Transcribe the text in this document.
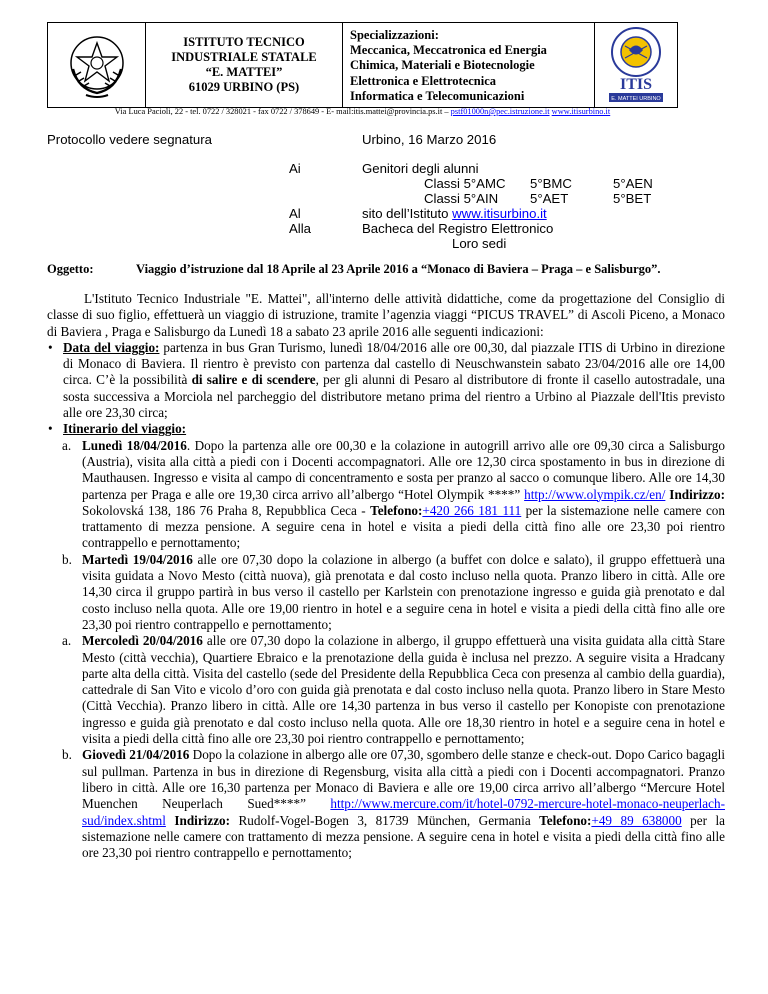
ISTITUTO TECNICO
INDUSTRIALE STATALE
“E. MATTEI”
61029 URBINO (PS)
Specializzazioni:
Meccanica, Meccatronica ed Energia
Chimica, Materiali e Biotecnologie
Elettronica e Elettrotecnica
Informatica e Telecomunicazioni
ITIS
E. MATTEI URBINO
Via Luca Pacioli, 22 - tel. 0722 / 328021 - fax 0722 / 378649 - E- mail:itis.mattei@provincia.ps.it – pstf01000n@pec.istruzione.it www.itisurbino.it
Protocollo vedere segnatura	Urbino, 16 Marzo 2016
Ai	Genitori degli alunni
Classi 5°AMC 5°BMC	5°AEN
Classi 5°AIN 5°AET	5°BET
Al	sito dell’Istituto www.itisurbino.it
Alla	Bacheca del Registro Elettronico
Loro sedi
Oggetto:	Viaggio d’istruzione dal 18 Aprile al 23 Aprile 2016 a “Monaco di Baviera – Praga – e Salisburgo”.

L'Istituto Tecnico Industriale "E. Mattei", all'interno delle attività didattiche, come da progettazione del Consiglio di classe di suo figlio, effettuerà un viaggio di istruzione, tramite l’agenzia viaggi “PICUS TRAVEL” di Ascoli Piceno, a Monaco di Baviera , Praga e Salisburgo da Lunedì 18 a sabato 23 aprile 2016 alle seguenti indicazioni:

• Data del viaggio: partenza in bus Gran Turismo, lunedì 18/04/2016 alle ore 00,30, dal piazzale ITIS di Urbino in direzione di Monaco di Baviera. Il rientro è previsto con partenza dal castello di Neuschwanstein sabato 23/04/2016 alle ore 14,00 circa. C’è la possibilità di salire e di scendere, per gli alunni di Pesaro al distributore di fronte il casello autostradale, una sosta successiva a Morciola nel parcheggio del distributore metano prima del rientro a Urbino al Piazzale dell'Itis previsto alle ore 23,30 circa;
• Itinerario del viaggio:
a. Lunedì 18/04/2016. Dopo la partenza alle ore 00,30 e la colazione in autogrill arrivo alle ore 09,30 circa a Salisburgo (Austria), visita alla città a piedi con i Docenti accompagnatori. Alle ore 12,30 circa spostamento in bus in direzione di Mauthausen. Ingresso e visita al campo di concentramento e sosta per pranzo al sacco o comunque libero. Alle ore 14,30 partenza per Praga e alle ore 19,30 circa arrivo all’albergo “Hotel Olympik ****” http://www.olympik.cz/en/ Indirizzo: Sokolovská 138, 186 76 Praha 8, Repubblica Ceca - Telefono:+420 266 181 111 per la sistemazione nelle camere con trattamento di mezza pensione. A seguire cena in hotel e visita a piedi della città fino alle ore 23,30 poi rientro contrappello e pernottamento;
b. Martedì 19/04/2016 alle ore 07,30 dopo la colazione in albergo (a buffet con dolce e salato), il gruppo effettuerà una visita guidata a Novo Mesto (città nuova), già prenotata e dal costo incluso nella quota. Pranzo libero in città. Alle ore 14,30 circa il gruppo partirà in bus verso il castello per Karlstein con prenotazione ingresso e guida già prenotato e dal costo incluso nella quota. Alle ore 19,00 rientro in hotel e a seguire cena in hotel e visita a piedi della città fino alle ore 23,30 poi rientro contrappello e pernottamento;
a. Mercoledì 20/04/2016 alle ore 07,30 dopo la colazione in albergo, il gruppo effettuerà una visita guidata alla città Stare Mesto (città vecchia), Quartiere Ebraico e la prenotazione della guida è inclusa nel prezzo. A seguire visita a Hradcany parte alta della città. Visita del castello (sede del Presidente della Repubblica Ceca con presenza al cambio della guardia), cattedrale di San Vito e vicolo d’oro con guida già prenotata e dal costo incluso nella quota. Pranzo libero in Stare Mesto (Città Vecchia). Pranzo libero in città. Alle ore 14,30 partenza in bus verso il castello per Konopiste con prenotazione ingresso e guida già prenotato e dal costo incluso nella quota. Alle ore 18,30 rientro in hotel e a seguire cena in hotel e visita a piedi della città fino alle ore 23,30 poi rientro contrappello e pernottamento;
b. Giovedì 21/04/2016 Dopo la colazione in albergo alle ore 07,30, sgombero delle stanze e check-out. Dopo Carico bagagli sul pullman. Partenza in bus in direzione di Regensburg, visita alla città a piedi con i Docenti accompagnatori. Pranzo libero in città. Alle ore 16,30 partenza per Monaco di Baviera e alle ore 19,00 circa arrivo all’albergo “Mercure Hotel Muenchen Neuperlach Sued****” http://www.mercure.com/it/hotel-0792-mercure-hotel-monaco-neuperlach-sud/index.shtml Indirizzo: Rudolf-Vogel-Bogen 3, 81739 München, Germania Telefono:+49 89 638000 per la sistemazione nelle camere con trattamento di mezza pensione. A seguire cena in hotel e visita a piedi della città fino alle ore 23,30 poi rientro contrappello e pernottamento;
